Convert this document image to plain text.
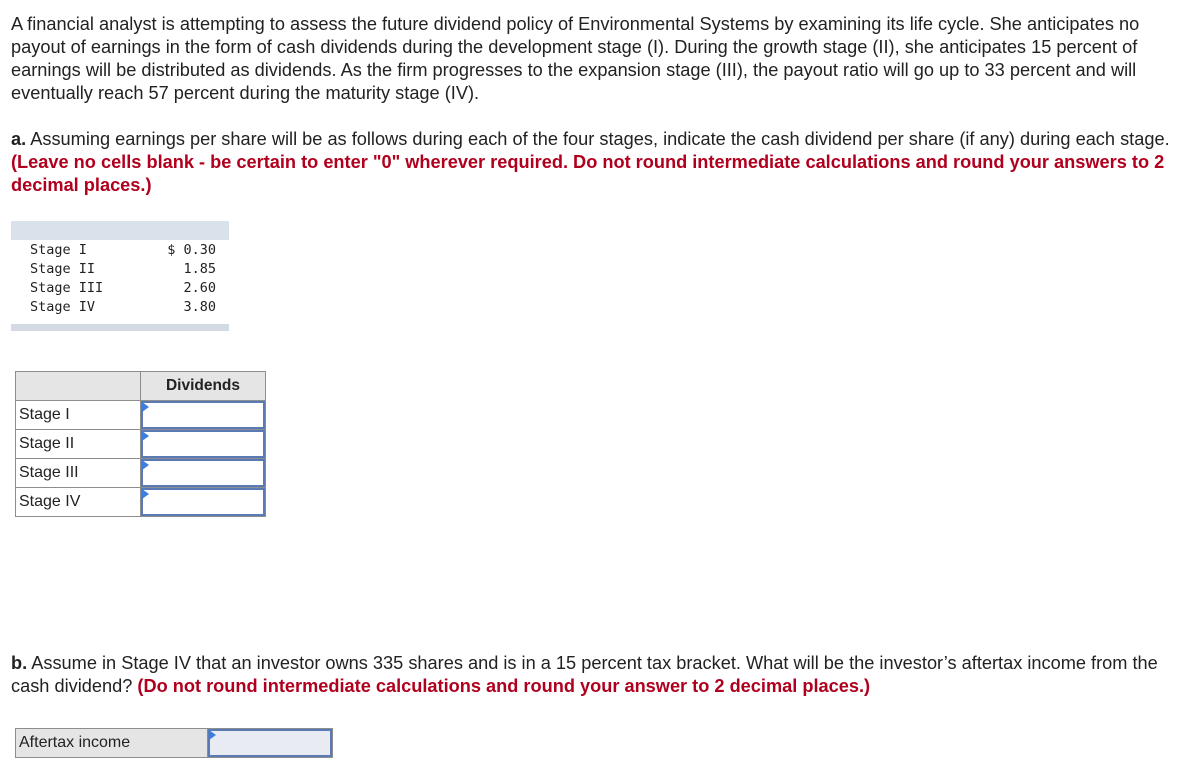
A financial analyst is attempting to assess the future dividend policy of Environmental Systems by examining its life cycle. She anticipates no payout of earnings in the form of cash dividends during the development stage (I). During the growth stage (II), she anticipates 15 percent of earnings will be distributed as dividends. As the firm progresses to the expansion stage (III), the payout ratio will go up to 33 percent and will eventually reach 57 percent during the maturity stage (IV).

a. Assuming earnings per share will be as follows during each of the four stages, indicate the cash dividend per share (if any) during each stage. (Leave no cells blank - be certain to enter "0" wherever required. Do not round intermediate calculations and round your answers to 2 decimal places.)

Stage I	$ 0.30
Stage II	1.85
Stage III	2.60
Stage IV	3.80
	Dividends
Stage I	

Stage II	

Stage III	

Stage IV	

b. Assume in Stage IV that an investor owns 335 shares and is in a 15 percent tax bracket. What will be the investor’s aftertax income from the cash dividend? (Do not round intermediate calculations and round your answer to 2 decimal places.)

Aftertax income	
